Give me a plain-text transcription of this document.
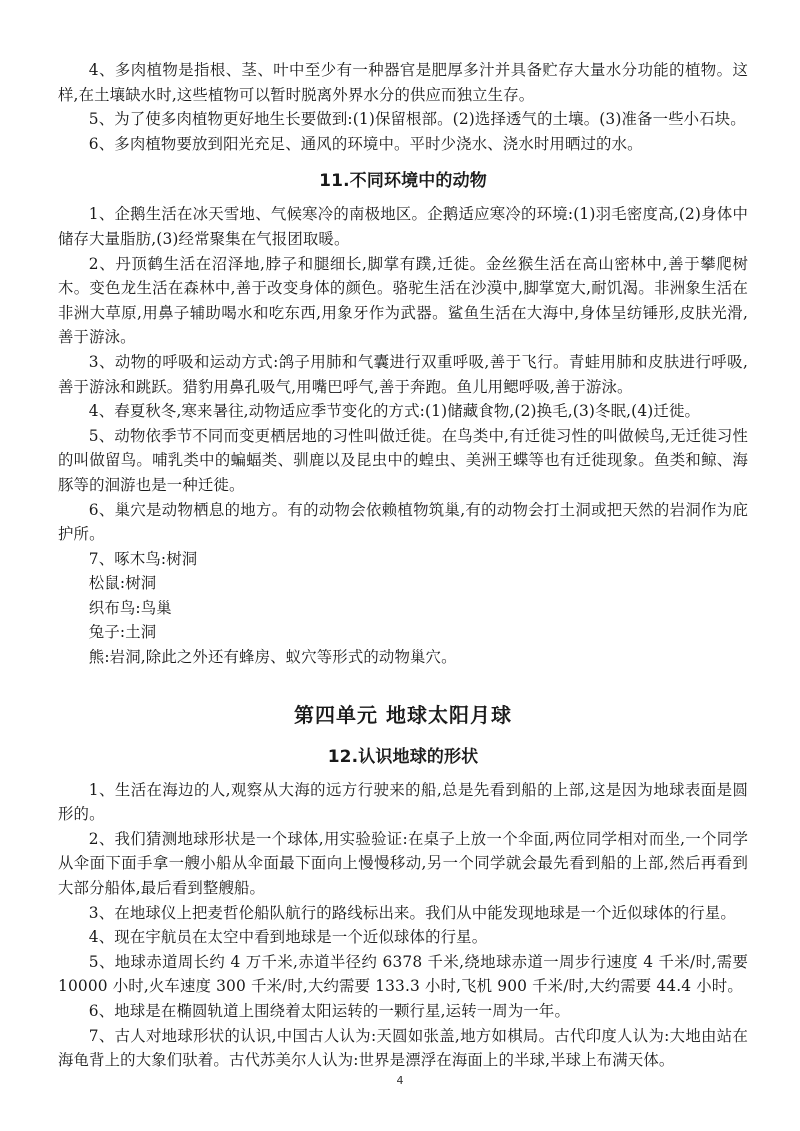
4、多肉植物是指根、茎、叶中至少有一种器官是肥厚多汁并具备贮存大量水分功能的植物。这样,在土壤缺水时,这些植物可以暂时脱离外界水分的供应而独立生存。

5、为了使多肉植物更好地生长要做到:(1)保留根部。(2)选择透气的土壤。(3)准备一些小石块。

6、多肉植物要放到阳光充足、通风的环境中。平时少浇水、浇水时用晒过的水。

11.不同环境中的动物

1、企鹅生活在冰天雪地、气候寒冷的南极地区。企鹅适应寒冷的环境:(1)羽毛密度高,(2)身体中储存大量脂肪,(3)经常聚集在气报团取暖。

2、丹顶鹤生活在沼泽地,脖子和腿细长,脚掌有蹼,迁徙。金丝猴生活在高山密林中,善于攀爬树木。变色龙生活在森林中,善于改变身体的颜色。骆驼生活在沙漠中,脚掌宽大,耐饥渴。非洲象生活在非洲大草原,用鼻子辅助喝水和吃东西,用象牙作为武器。鲨鱼生活在大海中,身体呈纺锤形,皮肤光滑,善于游泳。

3、动物的呼吸和运动方式:鸽子用肺和气囊进行双重呼吸,善于飞行。青蛙用肺和皮肤进行呼吸,善于游泳和跳跃。猎豹用鼻孔吸气,用嘴巴呼气,善于奔跑。鱼儿用鳃呼吸,善于游泳。

4、春夏秋冬,寒来暑往,动物适应季节变化的方式:(1)储藏食物,(2)换毛,(3)冬眠,(4)迁徙。

5、动物依季节不同而变更栖居地的习性叫做迁徙。在鸟类中,有迁徙习性的叫做候鸟,无迁徙习性的叫做留鸟。哺乳类中的蝙蝠类、驯鹿以及昆虫中的蝗虫、美洲王蝶等也有迁徙现象。鱼类和鲸、海豚等的洄游也是一种迁徙。

6、巢穴是动物栖息的地方。有的动物会依赖植物筑巢,有的动物会打土洞或把天然的岩洞作为庇护所。

7、啄木鸟:树洞

松鼠:树洞

织布鸟:鸟巢

兔子:土洞

熊:岩洞,除此之外还有蜂房、蚁穴等形式的动物巢穴。

第四单元 地球太阳月球
12.认识地球的形状

1、生活在海边的人,观察从大海的远方行驶来的船,总是先看到船的上部,这是因为地球表面是圆形的。

2、我们猜测地球形状是一个球体,用实验验证:在桌子上放一个伞面,两位同学相对而坐,一个同学从伞面下面手拿一艘小船从伞面最下面向上慢慢移动,另一个同学就会最先看到船的上部,然后再看到大部分船体,最后看到整艘船。

3、在地球仪上把麦哲伦船队航行的路线标出来。我们从中能发现地球是一个近似球体的行星。

4、现在宇航员在太空中看到地球是一个近似球体的行星。

5、地球赤道周长约 4 万千米,赤道半径约 6378 千米,绕地球赤道一周步行速度 4 千米/时,需要 10000 小时,火车速度 300 千米/时,大约需要 133.3 小时,飞机 900 千米/时,大约需要 44.4 小时。

6、地球是在椭圆轨道上围绕着太阳运转的一颗行星,运转一周为一年。

7、古人对地球形状的认识,中国古人认为:天圆如张盖,地方如棋局。古代印度人认为:大地由站在海龟背上的大象们驮着。古代苏美尔人认为:世界是漂浮在海面上的半球,半球上布满天体。

4
